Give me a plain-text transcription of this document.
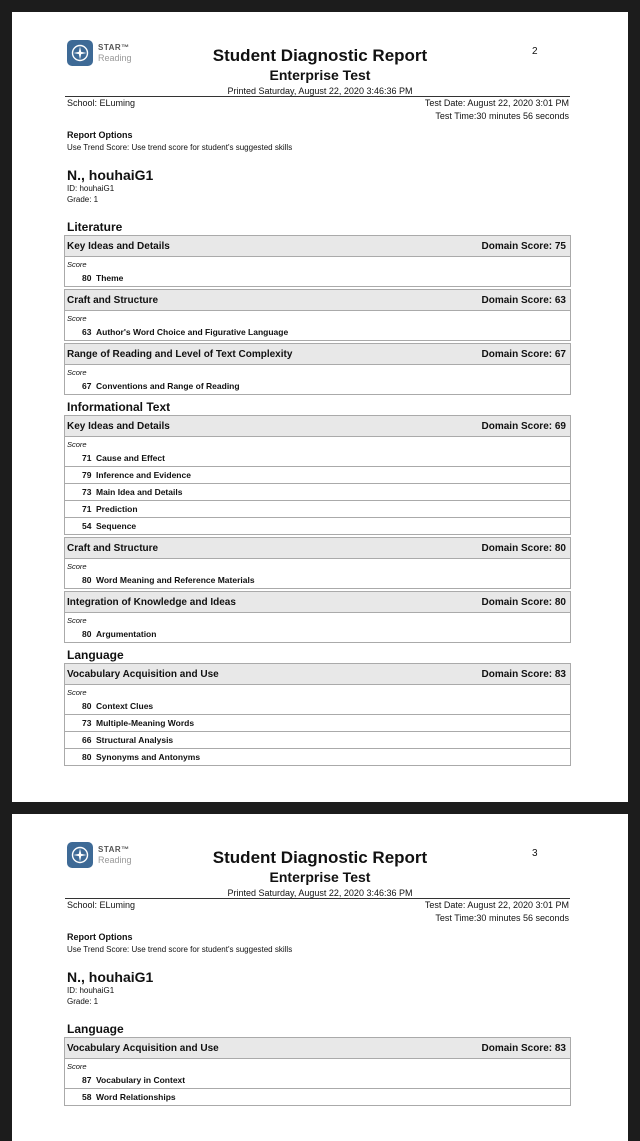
STAR™
Reading	Student Diagnostic Report
Enterprise Test
2
Printed Saturday, August 22, 2020 3:46:36 PM
School: ELuming	Test Date: August 22, 2020 3:01 PM
Test Time:30 minutes 56 seconds
Report Options
Use Trend Score: Use trend score for student's suggested skills
N., houhaiG1
ID: houhaiG1
Grade: 1
Literature
Key Ideas and Details	Domain Score: 75
Score
80 Theme
Craft and Structure	Domain Score: 63
Score
63 Author's Word Choice and Figurative Language
Range of Reading and Level of Text Complexity	Domain Score: 67
Score
67 Conventions and Range of Reading
Informational Text
Key Ideas and Details	Domain Score: 69
Score
71 Cause and Effect
79 Inference and Evidence
73 Main Idea and Details
71 Prediction
54 Sequence
Craft and Structure	Domain Score: 80
Score
80 Word Meaning and Reference Materials
Integration of Knowledge and Ideas	Domain Score: 80
Score
80 Argumentation
Language
Vocabulary Acquisition and Use	Domain Score: 83
Score
80 Context Clues
73 Multiple-Meaning Words
66 Structural Analysis
80 Synonyms and Antonyms
STAR™
Reading	Student Diagnostic Report
Enterprise Test
3
Printed Saturday, August 22, 2020 3:46:36 PM
School: ELuming	Test Date: August 22, 2020 3:01 PM
Test Time:30 minutes 56 seconds
Report Options
Use Trend Score: Use trend score for student's suggested skills
N., houhaiG1
ID: houhaiG1
Grade: 1
Language
Vocabulary Acquisition and Use	Domain Score: 83
Score
87 Vocabulary in Context
58 Word Relationships
